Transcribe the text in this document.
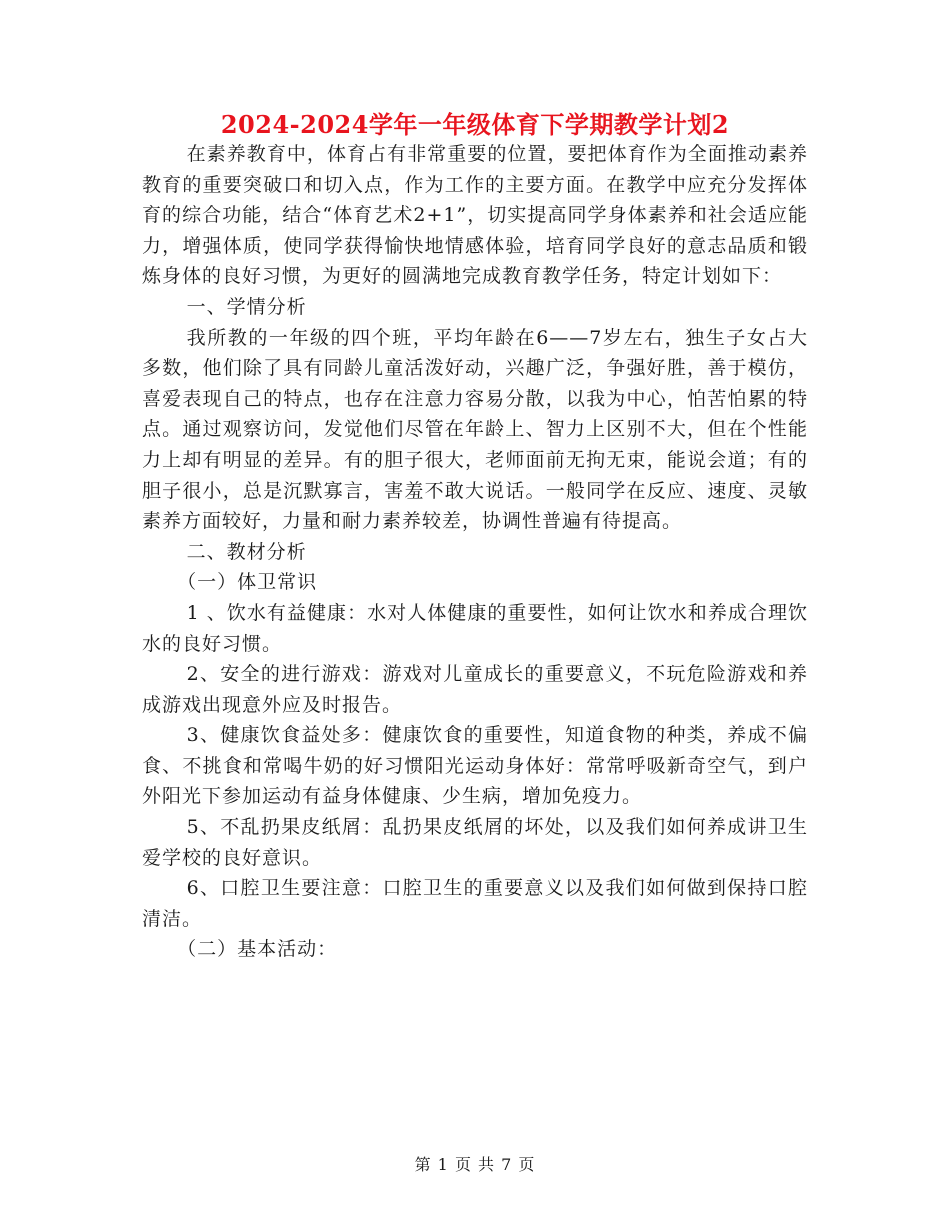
2024-2024学年一年级体育下学期教学计划2

在素养教育中，体育占有非常重要的位置，要把体育作为全面推动素养教育的重要突破口和切入点，作为工作的主要方面。在教学中应充分发挥体育的综合功能，结合“体育艺术2+1”，切实提高同学身体素养和社会适应能力，增强体质，使同学获得愉快地情感体验，培育同学良好的意志品质和锻炼身体的良好习惯，为更好的圆满地完成教育教学任务，特定计划如下：

一、学情分析

我所教的一年级的四个班，平均年龄在6——7岁左右，独生子女占大多数，他们除了具有同龄儿童活泼好动，兴趣广泛，争强好胜，善于模仿，喜爱表现自己的特点，也存在注意力容易分散，以我为中心，怕苦怕累的特点。通过观察访问，发觉他们尽管在年龄上、智力上区别不大，但在个性能力上却有明显的差异。有的胆子很大，老师面前无拘无束，能说会道；有的胆子很小，总是沉默寡言，害羞不敢大说话。一般同学在反应、速度、灵敏素养方面较好，力量和耐力素养较差，协调性普遍有待提高。

二、教材分析

（一）体卫常识

1 、饮水有益健康：水对人体健康的重要性，如何让饮水和养成合理饮水的良好习惯。

2、安全的进行游戏：游戏对儿童成长的重要意义，不玩危险游戏和养成游戏出现意外应及时报告。

3、健康饮食益处多：健康饮食的重要性，知道食物的种类，养成不偏食、不挑食和常喝牛奶的好习惯阳光运动身体好：常常呼吸新奇空气，到户外阳光下参加运动有益身体健康、少生病，增加免疫力。

5、不乱扔果皮纸屑：乱扔果皮纸屑的坏处，以及我们如何养成讲卫生爱学校的良好意识。

6、口腔卫生要注意：口腔卫生的重要意义以及我们如何做到保持口腔清洁。

（二）基本活动：

第 1 页 共 7 页
